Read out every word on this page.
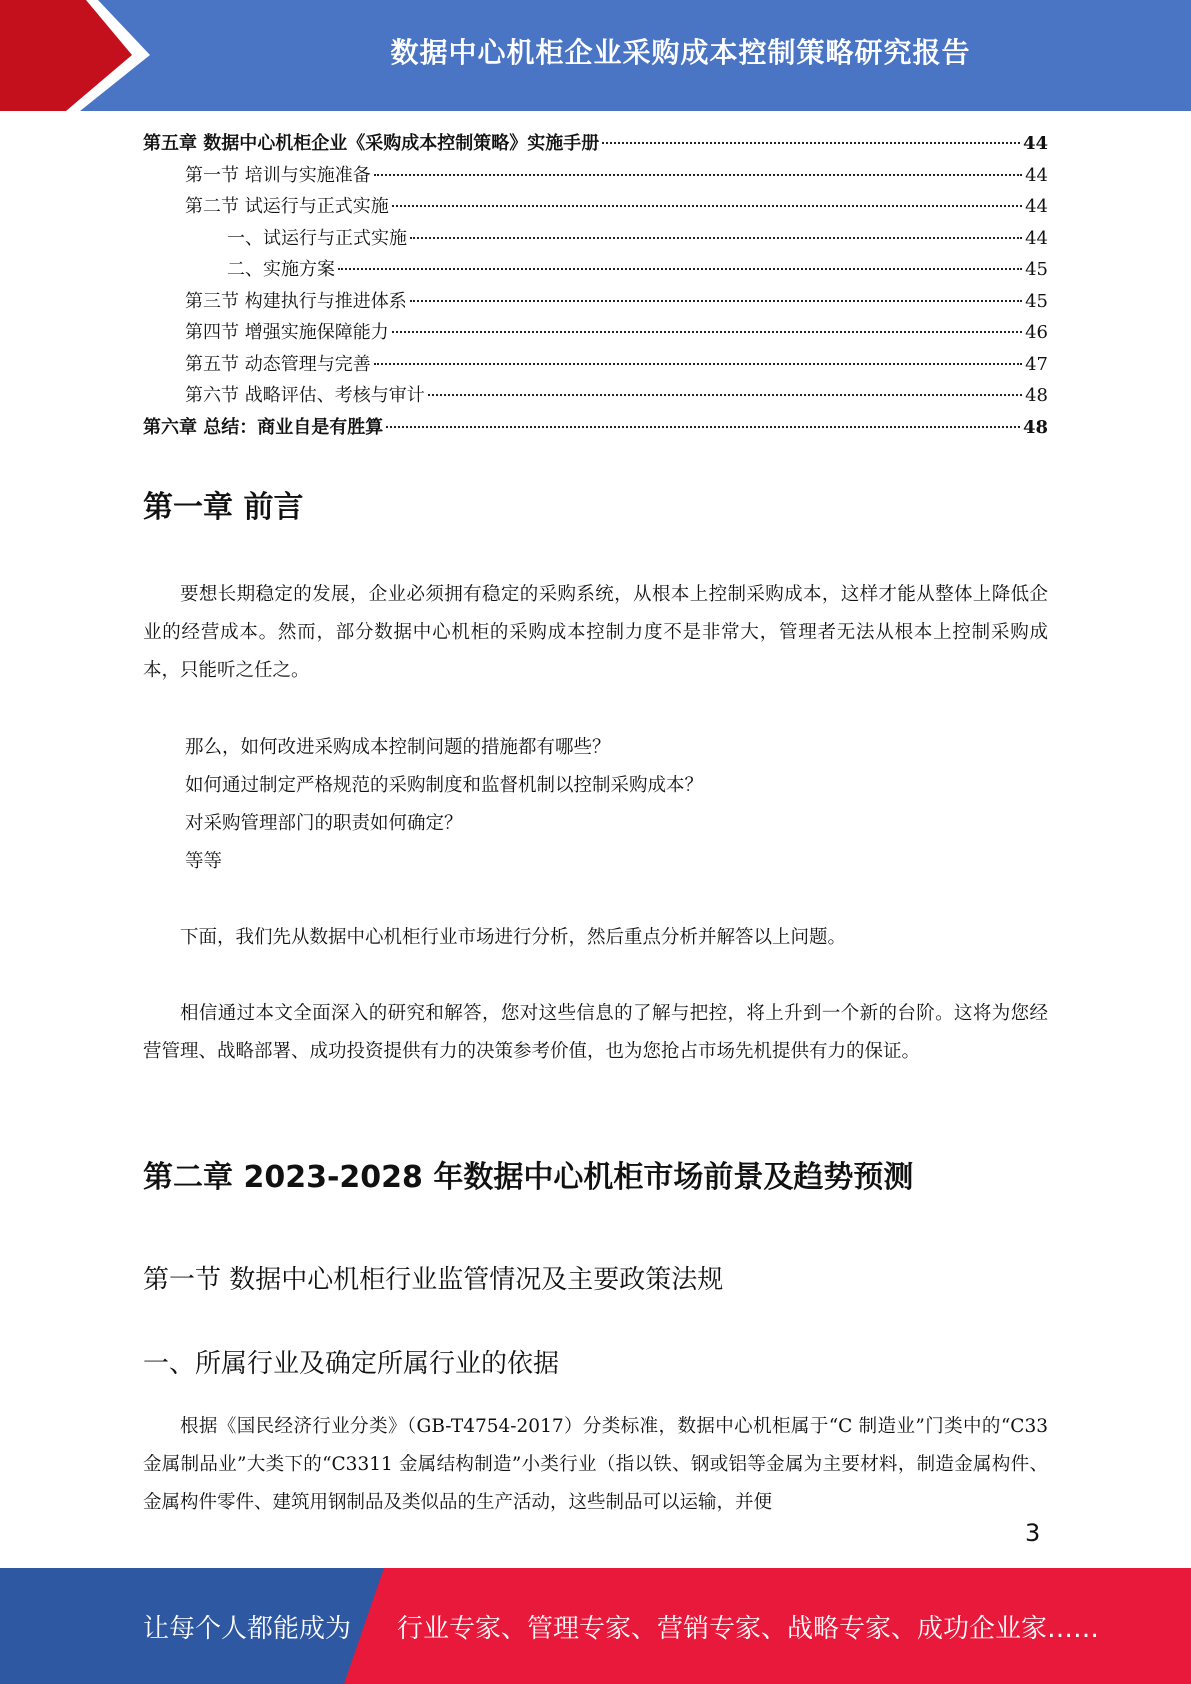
数据中心机柜企业采购成本控制策略研究报告
第五章 数据中心机柜企业《采购成本控制策略》实施手册	44
第一节 培训与实施准备	44
第二节 试运行与正式实施	44
一、试运行与正式实施	44
二、实施方案	45
第三节 构建执行与推进体系	45
第四节 增强实施保障能力	46
第五节 动态管理与完善	47
第六节 战略评估、考核与审计	48
第六章 总结：商业自是有胜算	48
第一章 前言

要想长期稳定的发展，企业必须拥有稳定的采购系统，从根本上控制采购成本，这样才能从整体上降低企业的经营成本。然而，部分数据中心机柜的采购成本控制力度不是非常大，管理者无法从根本上控制采购成本，只能听之任之。

那么，如何改进采购成本控制问题的措施都有哪些？

如何通过制定严格规范的采购制度和监督机制以控制采购成本？

对采购管理部门的职责如何确定？

等等

下面，我们先从数据中心机柜行业市场进行分析，然后重点分析并解答以上问题。

相信通过本文全面深入的研究和解答，您对这些信息的了解与把控，将上升到一个新的台阶。这将为您经营管理、战略部署、成功投资提供有力的决策参考价值，也为您抢占市场先机提供有力的保证。

第二章 2023-2028 年数据中心机柜市场前景及趋势预测
第一节 数据中心机柜行业监管情况及主要政策法规
一、所属行业及确定所属行业的依据

根据《国民经济行业分类》（GB-T4754-2017）分类标准，数据中心机柜属于“C 制造业”门类中的“C33 金属制品业”大类下的“C3311 金属结构制造”小类行业（指以铁、钢或铝等金属为主要材料，制造金属构件、金属构件零件、建筑用钢制品及类似品的生产活动，这些制品可以运输，并便

3
让每个人都能成为 行业专家、管理专家、营销专家、战略专家、成功企业家……
